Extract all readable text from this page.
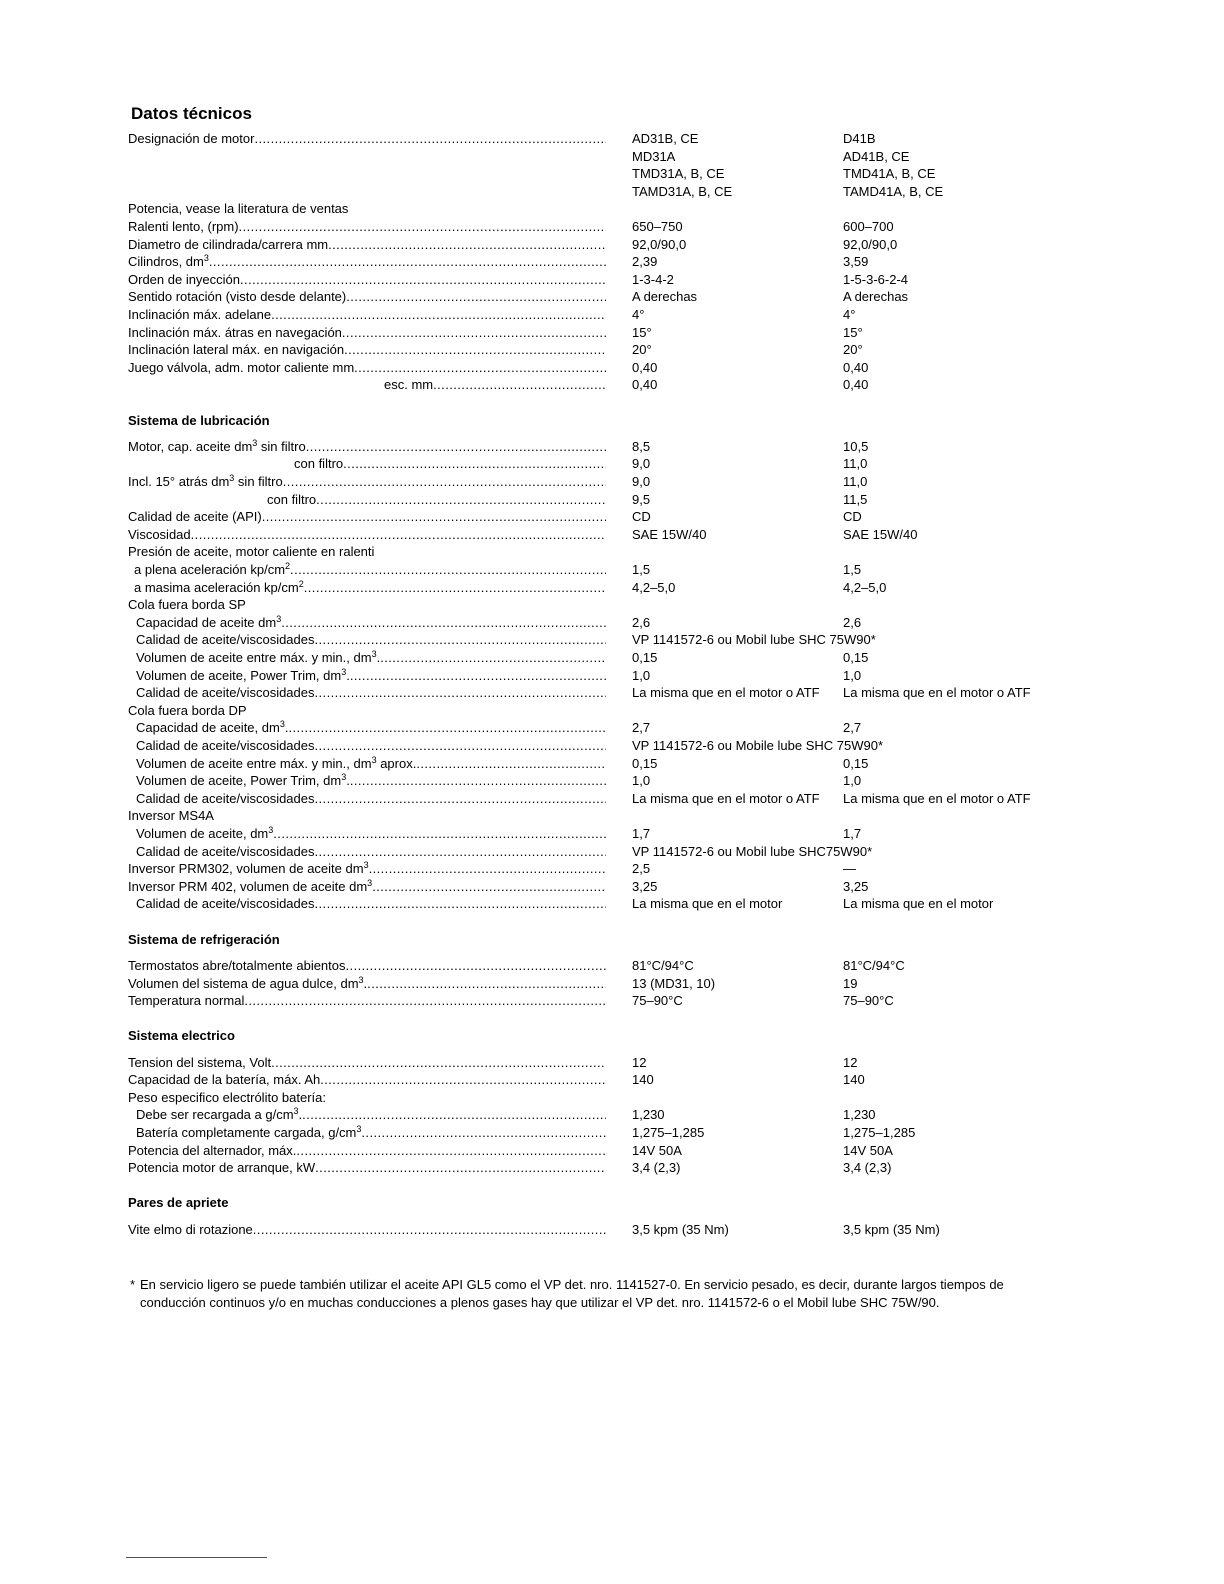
Datos técnicos
Designación de motor . . .	AD31B, CE	D41B
MD31A	AD41B, CE
TMD31A, B, CE	TMD41A, B, CE
TAMD31A, B, CE	TAMD41A, B, CE
Potencia, vease la literatura de ventas
Ralenti lento, (rpm) . . .	650–750	600–700
Diametro de cilindrada/carrera mm . . .	92,0/90,0	92,0/90,0
Cilindros, $dm^3$ . . .	2,39	3,59
Orden de inyección . . .	1-3-4-2	1-5-3-6-2-4
Sentido rotación (visto desde delante) . . .	A derechas	A derechas
Inclinación máx. adelane . . .	4°	4°
Inclinación máx. átras en navegación . . .	15°	15°
Inclinación lateral máx. en navigación . . .	20°	20°
Juego válvola, adm. motor caliente mm . . .	0,40	0,40
esc. mm . . .	0,40	0,40
Sistema de lubricación
Motor, cap. aceite $dm^3$ sin filtro . . .	8,5	10,5
con filtro . . .	9,0	11,0
Incl. 15° atrás $dm^3$ sin filtro . . .	9,0	11,0
con filtro . . .	9,5	11,5
Calidad de aceite (API) . . .	CD	CD
Viscosidad . . .	SAE 15W/40	SAE 15W/40
Presión de aceite, motor caliente en ralenti
a plena aceleración $kp/cm^2$ . . .	1,5	1,5
a masima aceleración $kp/cm^2$ . . .	4,2–5,0	4,2–5,0
Cola fuera borda SP
Capacidad de aceite $dm^3$ . . .	2,6	2,6
Calidad de aceite/viscosidades . . .	VP 1141572-6 ou Mobil lube SHC 75W90*
Volumen de aceite entre máx. y min., $dm^3$. . . .	0,15	0,15
Volumen de aceite, Power Trim, $dm^3$. . . .	1,0	1,0
Calidad de aceite/viscosidades . . .	La misma que en el motor o ATF	La misma que en el motor o ATF
Cola fuera borda DP
Capacidad de aceite, $dm^3$. . . .	2,7	2,7
Calidad de aceite/viscosidades . . .	VP 1141572-6 ou Mobile lube SHC 75W90*
Volumen de aceite entre máx. y min., $dm^3$ aprox. . . .	0,15	0,15
Volumen de aceite, Power Trim, $dm^3$. . . .	1,0	1,0
Calidad de aceite/viscosidades . . .	La misma que en el motor o ATF	La misma que en el motor o ATF
Inversor MS4A
Volumen de aceite, $dm^3$ . . .	1,7	1,7
Calidad de aceite/viscosidades . . .	VP 1141572-6 ou Mobil lube SHC75W90*
Inversor PRM302, volumen de aceite $dm^3$ . . .	2,5	—
Inversor PRM 402, volumen de aceite $dm^3$ . . .	3,25	3,25
Calidad de aceite/viscosidades . . .	La misma que en el motor	La misma que en el motor
Sistema de refrigeración
Termostatos abre/totalmente abientos . . .	81°C/94°C	81°C/94°C
Volumen del sistema de agua dulce, $dm^3$. . . .	13 (MD31, 10)	19
Temperatura normal . . .	75–90°C	75–90°C
Sistema electrico
Tension del sistema, Volt . . .	12	12
Capacidad de la batería, máx. Ah . . .	140	140
Peso especifico electrólito batería:
Debe ser recargada a $g/cm^3$. . . .	1,230	1,230
Batería completamente cargada, $g/cm^3$ . . .	1,275–1,285	1,275–1,285
Potencia del alternador, máx. . . .	14V 50A	14V 50A
Potencia motor de arranque, kW . . .	3,4 (2,3)	3,4 (2,3)
Pares de apriete
Vite elmo di rotazione . . .	3,5 kpm (35 Nm)	3,5 kpm (35 Nm)
* En servicio ligero se puede también utilizar el aceite API GL5 como el VP det. nro. 1141527-0. En servicio pesado, es decir, durante largos tiempos de conducción continuos y/o en muchas conducciones a plenos gases hay que utilizar el VP det. nro. 1141572-6 o el Mobil lube SHC 75W/90.
